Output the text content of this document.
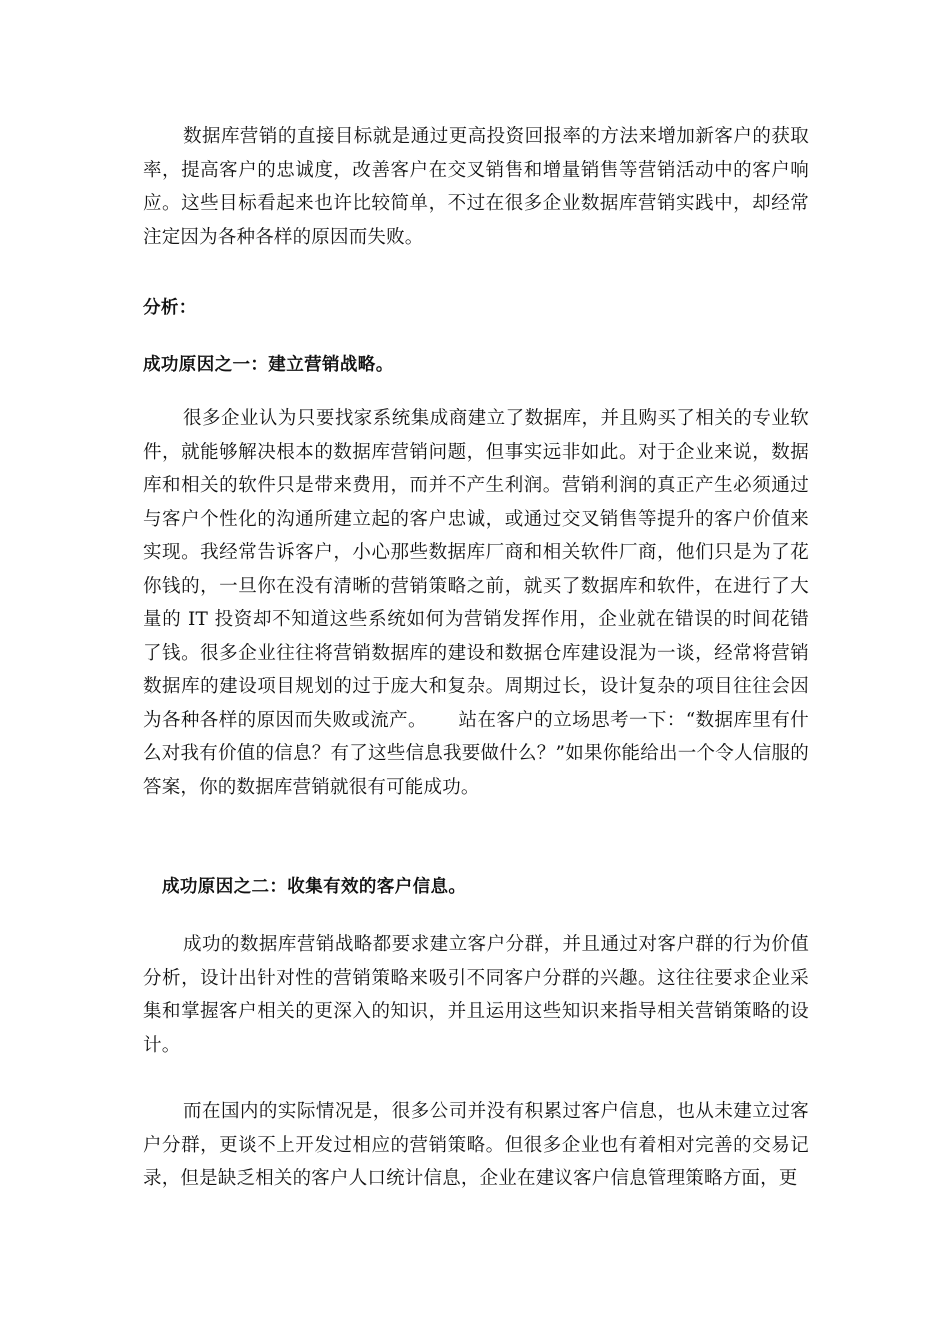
数据库营销的直接目标就是通过更高投资回报率的方法来增加新客户的获取率，提高客户的忠诚度，改善客户在交叉销售和增量销售等营销活动中的客户响应。这些目标看起来也许比较简单，不过在很多企业数据库营销实践中，却经常注定因为各种各样的原因而失败。

分析：
成功原因之一：建立营销战略。

很多企业认为只要找家系统集成商建立了数据库，并且购买了相关的专业软件，就能够解决根本的数据库营销问题，但事实远非如此。对于企业来说，数据库和相关的软件只是带来费用，而并不产生利润。营销利润的真正产生必须通过与客户个性化的沟通所建立起的客户忠诚，或通过交叉销售等提升的客户价值来实现。我经常告诉客户，小心那些数据库厂商和相关软件厂商，他们只是为了花你钱的，一旦你在没有清晰的营销策略之前，就买了数据库和软件，在进行了大量的 IT 投资却不知道这些系统如何为营销发挥作用，企业就在错误的时间花错了钱。很多企业往往将营销数据库的建设和数据仓库建设混为一谈，经常将营销数据库的建设项目规划的过于庞大和复杂。周期过长，设计复杂的项目往往会因为各种各样的原因而失败或流产。     站在客户的立场思考一下：“数据库里有什么对我有价值的信息？有了这些信息我要做什么？”如果你能给出一个令人信服的答案，你的数据库营销就很有可能成功。

成功原因之二：收集有效的客户信息。

成功的数据库营销战略都要求建立客户分群，并且通过对客户群的行为价值分析，设计出针对性的营销策略来吸引不同客户分群的兴趣。这往往要求企业采集和掌握客户相关的更深入的知识，并且运用这些知识来指导相关营销策略的设计。

而在国内的实际情况是，很多公司并没有积累过客户信息，也从未建立过客户分群，更谈不上开发过相应的营销策略。但很多企业也有着相对完善的交易记录，但是缺乏相关的客户人口统计信息，企业在建议客户信息管理策略方面，更
